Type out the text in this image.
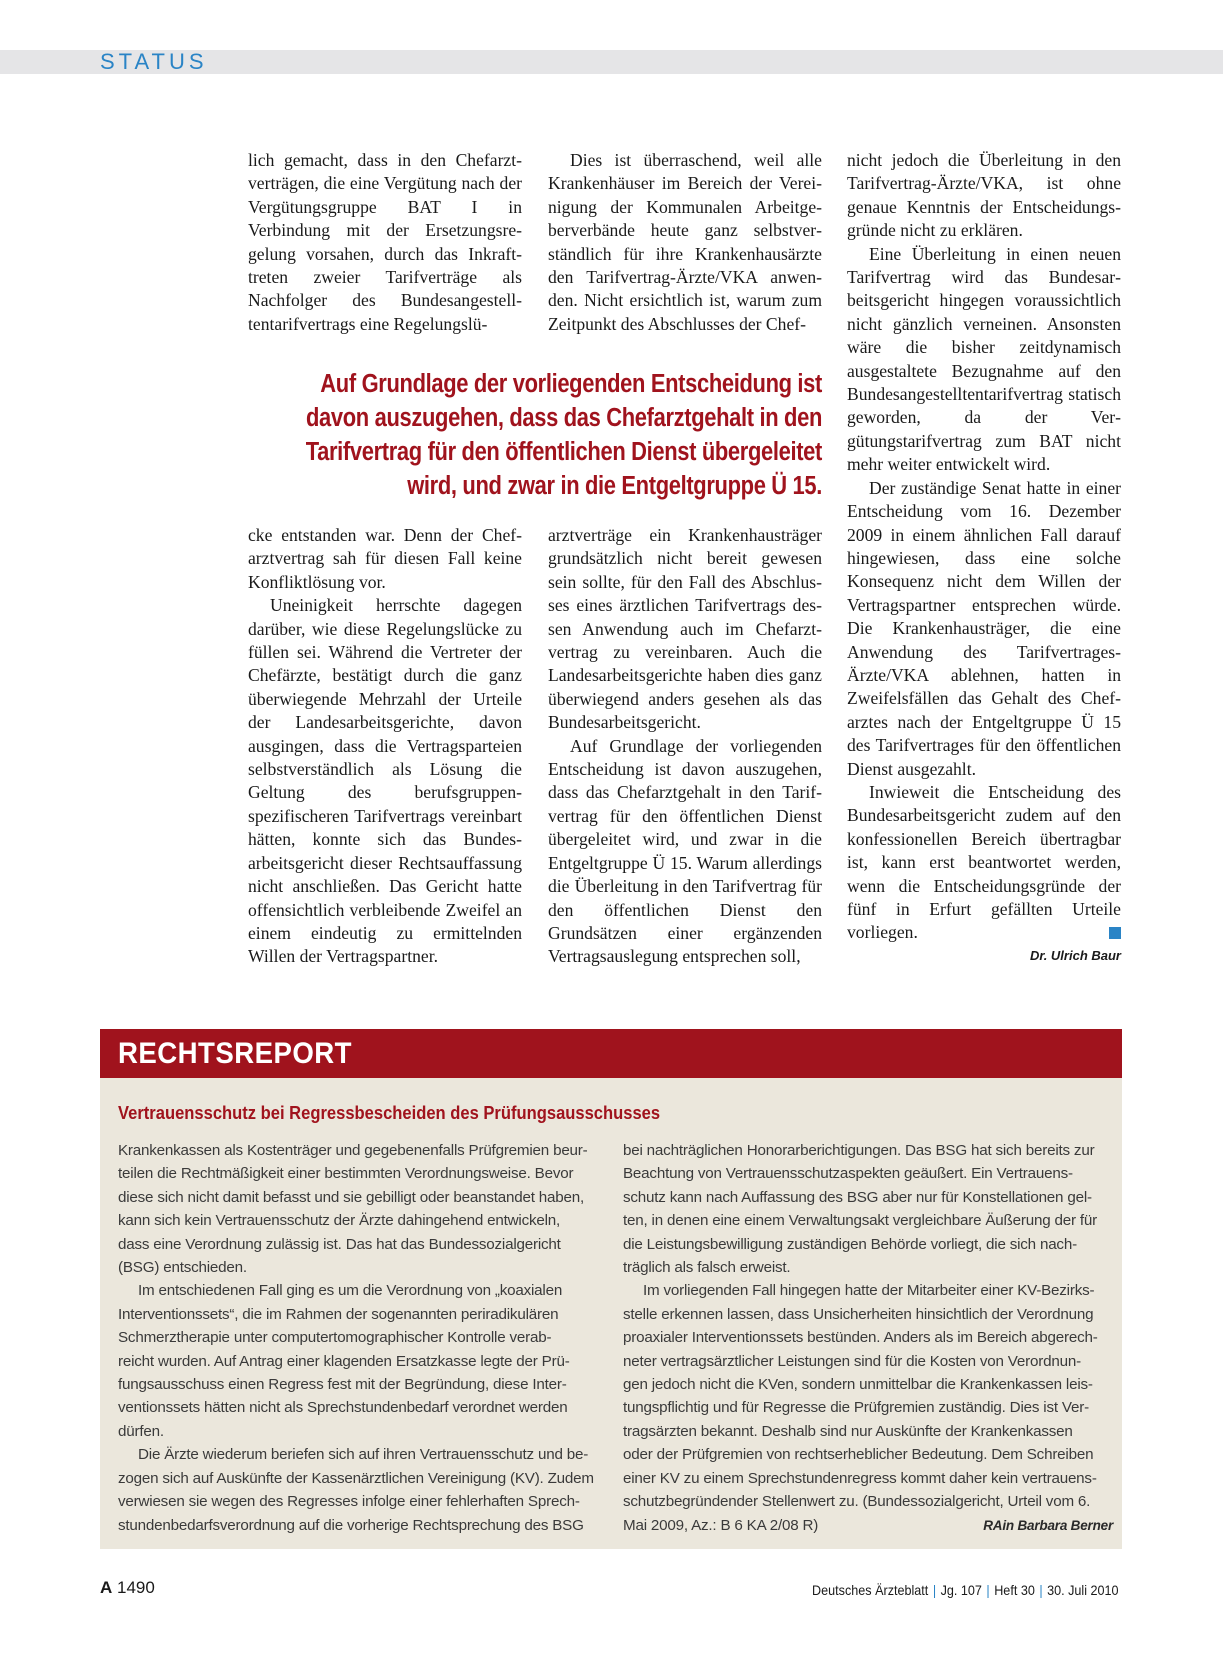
STATUS

lich gemacht, dass in den Chefarztverträgen, die eine Vergütung nach der Vergütungsgruppe BAT I in Verbindung mit der Ersetzungsregelung vorsahen, durch das Inkrafttreten zweier Tarifverträge als Nachfolger des Bundesangestelltentarifvertrags eine Regelungslü-

Dies ist überraschend, weil alle Krankenhäuser im Bereich der Vereinigung der Kommunalen Arbeitgeberverbände heute ganz selbstverständlich für ihre Krankenhausärzte den Tarifvertrag-Ärzte/VKA anwenden. Nicht ersichtlich ist, warum zum Zeitpunkt des Abschlusses der Chef-

Auf Grundlage der vorliegenden Entscheidung ist davon auszugehen, dass das Chefarztgehalt in den Tarifvertrag für den öffentlichen Dienst übergeleitet wird, und zwar in die Entgeltgruppe Ü 15.

cke entstanden war. Denn der Chefarztvertrag sah für diesen Fall keine Konfliktlösung vor.

Uneinigkeit herrschte dagegen darüber, wie diese Regelungslücke zu füllen sei. Während die Vertreter der Chefärzte, bestätigt durch die ganz überwiegende Mehrzahl der Urteile der Landesarbeitsgerichte, davon ausgingen, dass die Vertragsparteien selbstverständlich als Lösung die Geltung des berufsgruppenspezifischeren Tarifvertrags vereinbart hätten, konnte sich das Bundesarbeitsgericht dieser Rechtsauffassung nicht anschließen. Das Gericht hatte offensichtlich verbleibende Zweifel an einem eindeutig zu ermittelnden Willen der Vertragspartner.

arztverträge ein Krankenhausträger grundsätzlich nicht bereit gewesen sein sollte, für den Fall des Abschlusses eines ärztlichen Tarifvertrags dessen Anwendung auch im Chefarztvertrag zu vereinbaren. Auch die Landesarbeitsgerichte haben dies ganz überwiegend anders gesehen als das Bundesarbeitsgericht.

Auf Grundlage der vorliegenden Entscheidung ist davon auszugehen, dass das Chefarztgehalt in den Tarifvertrag für den öffentlichen Dienst übergeleitet wird, und zwar in die Entgeltgruppe Ü 15. Warum allerdings die Überleitung in den Tarifvertrag für den öffentlichen Dienst den Grundsätzen einer ergänzenden Vertragsauslegung entsprechen soll,

nicht jedoch die Überleitung in den Tarifvertrag-Ärzte/VKA, ist ohne genaue Kenntnis der Entscheidungsgründe nicht zu erklären.

Eine Überleitung in einen neuen Tarifvertrag wird das Bundesarbeitsgericht hingegen voraussichtlich nicht gänzlich verneinen. Ansonsten wäre die bisher zeitdynamisch ausgestaltete Bezugnahme auf den Bundesangestelltentarifvertrag statisch geworden, da der Vergütungstarifvertrag zum BAT nicht mehr weiter entwickelt wird.

Der zuständige Senat hatte in einer Entscheidung vom 16. Dezember 2009 in einem ähnlichen Fall darauf hingewiesen, dass eine solche Konsequenz nicht dem Willen der Vertragspartner entsprechen würde. Die Krankenhausträger, die eine Anwendung des Tarifvertrages-Ärzte/VKA ablehnen, hatten in Zweifelsfällen das Gehalt des Chefarztes nach der Entgeltgruppe Ü 15 des Tarifvertrages für den öffentlichen Dienst ausgezahlt.

Inwieweit die Entscheidung des Bundesarbeitsgericht zudem auf den konfessionellen Bereich übertragbar ist, kann erst beantwortet werden, wenn die Entscheidungsgründe der fünf in Erfurt gefällten Urteile vorliegen.

Dr. Ulrich Baur
RECHTSREPORT
Vertrauensschutz bei Regressbescheiden des Prüfungsausschusses
Krankenkassen als Kostenträger und gegebenenfalls Prüfgremien beur-
teilen die Rechtmäßigkeit einer bestimmten Verordnungsweise. Bevor
diese sich nicht damit befasst und sie gebilligt oder beanstandet haben,
kann sich kein Vertrauensschutz der Ärzte dahingehend entwickeln,
dass eine Verordnung zulässig ist. Das hat das Bundessozialgericht
(BSG) entschieden.
Im entschiedenen Fall ging es um die Verordnung von „koaxialen
Interventionssets“, die im Rahmen der sogenannten periradikulären
Schmerztherapie unter computertomographischer Kontrolle verab-
reicht wurden. Auf Antrag einer klagenden Ersatzkasse legte der Prü-
fungsausschuss einen Regress fest mit der Begründung, diese Inter-
ventionssets hätten nicht als Sprechstundenbedarf verordnet werden
dürfen.
Die Ärzte wiederum beriefen sich auf ihren Vertrauensschutz und be-
zogen sich auf Auskünfte der Kassenärztlichen Vereinigung (KV). Zudem
verwiesen sie wegen des Regresses infolge einer fehlerhaften Sprech-
stundenbedarfsverordnung auf die vorherige Rechtsprechung des BSG
bei nachträglichen Honorarberichtigungen. Das BSG hat sich bereits zur
Beachtung von Vertrauensschutzaspekten geäußert. Ein Vertrauens-
schutz kann nach Auffassung des BSG aber nur für Konstellationen gel-
ten, in denen eine einem Verwaltungsakt vergleichbare Äußerung der für
die Leistungsbewilligung zuständigen Behörde vorliegt, die sich nach-
träglich als falsch erweist.
Im vorliegenden Fall hingegen hatte der Mitarbeiter einer KV-Bezirks-
stelle erkennen lassen, dass Unsicherheiten hinsichtlich der Verordnung
proaxialer Interventionssets bestünden. Anders als im Bereich abgerech-
neter vertragsärztlicher Leistungen sind für die Kosten von Verordnun-
gen jedoch nicht die KVen, sondern unmittelbar die Krankenkassen leis-
tungspflichtig und für Regresse die Prüfgremien zuständig. Dies ist Ver-
tragsärzten bekannt. Deshalb sind nur Auskünfte der Krankenkassen
oder der Prüfgremien von rechtserheblicher Bedeutung. Dem Schreiben
einer KV zu einem Sprechstundenregress kommt daher kein vertrauens-
schutzbegründender Stellenwert zu. (Bundessozialgericht, Urteil vom 6.
Mai 2009, Az.: B 6 KA 2/08 R)	RAin Barbara Berner
A 1490	Deutsches Ärzteblatt | Jg. 107 | Heft 30 | 30. Juli 2010
